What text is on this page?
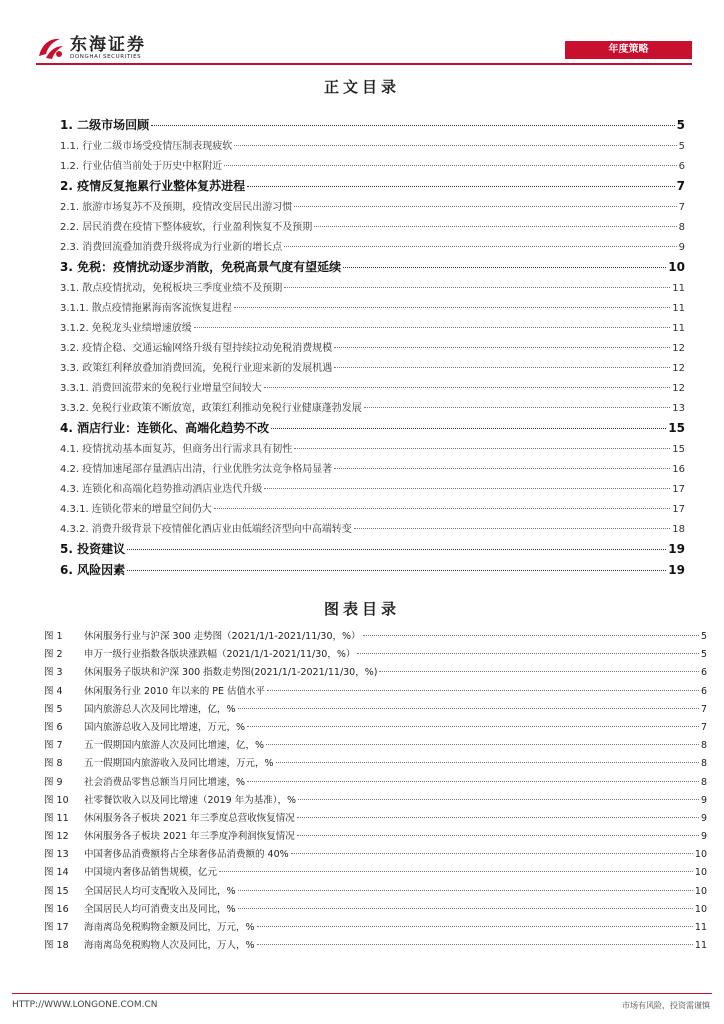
东海证券
DONGHAI SECURITIES
年度策略
正文目录
1. 二级市场回顾	5
1.1. 行业二级市场受疫情压制表现疲软	5
1.2. 行业估值当前处于历史中枢附近	6
2. 疫情反复拖累行业整体复苏进程	7
2.1. 旅游市场复苏不及预期，疫情改变居民出游习惯	7
2.2. 居民消费在疫情下整体疲软，行业盈利恢复不及预期	8
2.3. 消费回流叠加消费升级将成为行业新的增长点	9
3. 免税：疫情扰动逐步消散，免税高景气度有望延续	10
3.1. 散点疫情扰动，免税板块三季度业绩不及预期	11
3.1.1. 散点疫情拖累海南客流恢复进程	11
3.1.2. 免税龙头业绩增速放缓	11
3.2. 疫情企稳、交通运输网络升级有望持续拉动免税消费规模	12
3.3. 政策红利释放叠加消费回流，免税行业迎来新的发展机遇	12
3.3.1. 消费回流带来的免税行业增量空间较大	12
3.3.2. 免税行业政策不断放宽，政策红利推动免税行业健康蓬勃发展	13
4. 酒店行业：连锁化、高端化趋势不改	15
4.1. 疫情扰动基本面复苏，但商务出行需求具有韧性	15
4.2. 疫情加速尾部存量酒店出清，行业优胜劣汰竞争格局显著	16
4.3. 连锁化和高端化趋势推动酒店业迭代升级	17
4.3.1. 连锁化带来的增量空间仍大	17
4.3.2. 消费升级背景下疫情催化酒店业由低端经济型向中高端转变	18
5. 投资建议	19
6. 风险因素	19
图表目录
图 1	休闲服务行业与沪深 300 走势图（2021/1/1-2021/11/30，%）	5
图 2	申万一级行业指数各版块涨跌幅（2021/1/1-2021/11/30，%）	5
图 3	休闲服务子版块和沪深 300 指数走势图(2021/1/1-2021/11/30，%)	6
图 4	休闲服务行业 2010 年以来的 PE 估值水平	6
图 5	国内旅游总人次及同比增速，亿，%	7
图 6	国内旅游总收入及同比增速，万元，%	7
图 7	五一假期国内旅游人次及同比增速，亿，%	8
图 8	五一假期国内旅游收入及同比增速，万元，%	8
图 9	社会消费品零售总额当月同比增速，%	8
图 10	社零餐饮收入以及同比增速（2019 年为基准），%	9
图 11	休闲服务各子板块 2021 年三季度总营收恢复情况	9
图 12	休闲服务各子板块 2021 年三季度净利润恢复情况	9
图 13	中国奢侈品消费额将占全球奢侈品消费额的 40%	10
图 14	中国境内奢侈品销售规模，亿元	10
图 15	全国居民人均可支配收入及同比，%	10
图 16	全国居民人均可消费支出及同比，%	10
图 17	海南离岛免税购物金额及同比，万元，%	11
图 18	海南离岛免税购物人次及同比，万人，%	11
HTTP://WWW.LONGONE.COM.CN	市场有风险，投资需谨慎
